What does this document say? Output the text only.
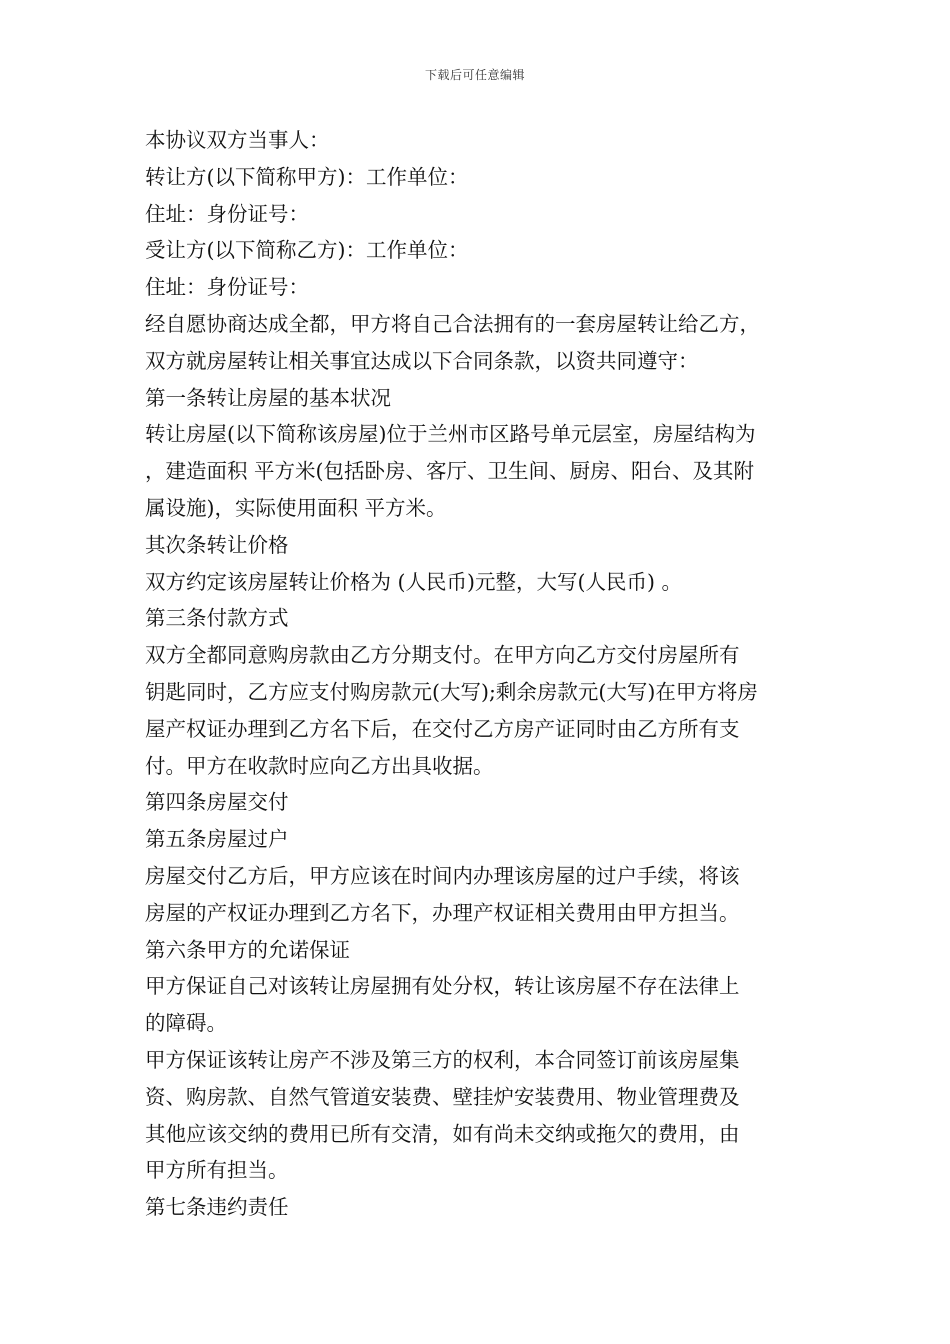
下载后可任意编辑
本协议双方当事人：
转让方(以下简称甲方)：工作单位：
住址：身份证号：
受让方(以下简称乙方)：工作单位：
住址：身份证号：
经自愿协商达成全都，甲方将自己合法拥有的一套房屋转让给乙方，
双方就房屋转让相关事宜达成以下合同条款，以资共同遵守：
第一条转让房屋的基本状况
转让房屋(以下简称该房屋)位于兰州市区路号单元层室，房屋结构为
，建造面积 平方米(包括卧房、客厅、卫生间、厨房、阳台、及其附
属设施)，实际使用面积 平方米。
其次条转让价格
双方约定该房屋转让价格为 (人民币)元整，大写(人民币) 。
第三条付款方式
双方全都同意购房款由乙方分期支付。在甲方向乙方交付房屋所有
钥匙同时，乙方应支付购房款元(大写);剩余房款元(大写)在甲方将房
屋产权证办理到乙方名下后，在交付乙方房产证同时由乙方所有支
付。甲方在收款时应向乙方出具收据。
第四条房屋交付
第五条房屋过户
房屋交付乙方后，甲方应该在时间内办理该房屋的过户手续，将该
房屋的产权证办理到乙方名下，办理产权证相关费用由甲方担当。
第六条甲方的允诺保证
甲方保证自己对该转让房屋拥有处分权，转让该房屋不存在法律上
的障碍。
甲方保证该转让房产不涉及第三方的权利，本合同签订前该房屋集
资、购房款、自然气管道安装费、壁挂炉安装费用、物业管理费及
其他应该交纳的费用已所有交清，如有尚未交纳或拖欠的费用，由
甲方所有担当。
第七条违约责任
